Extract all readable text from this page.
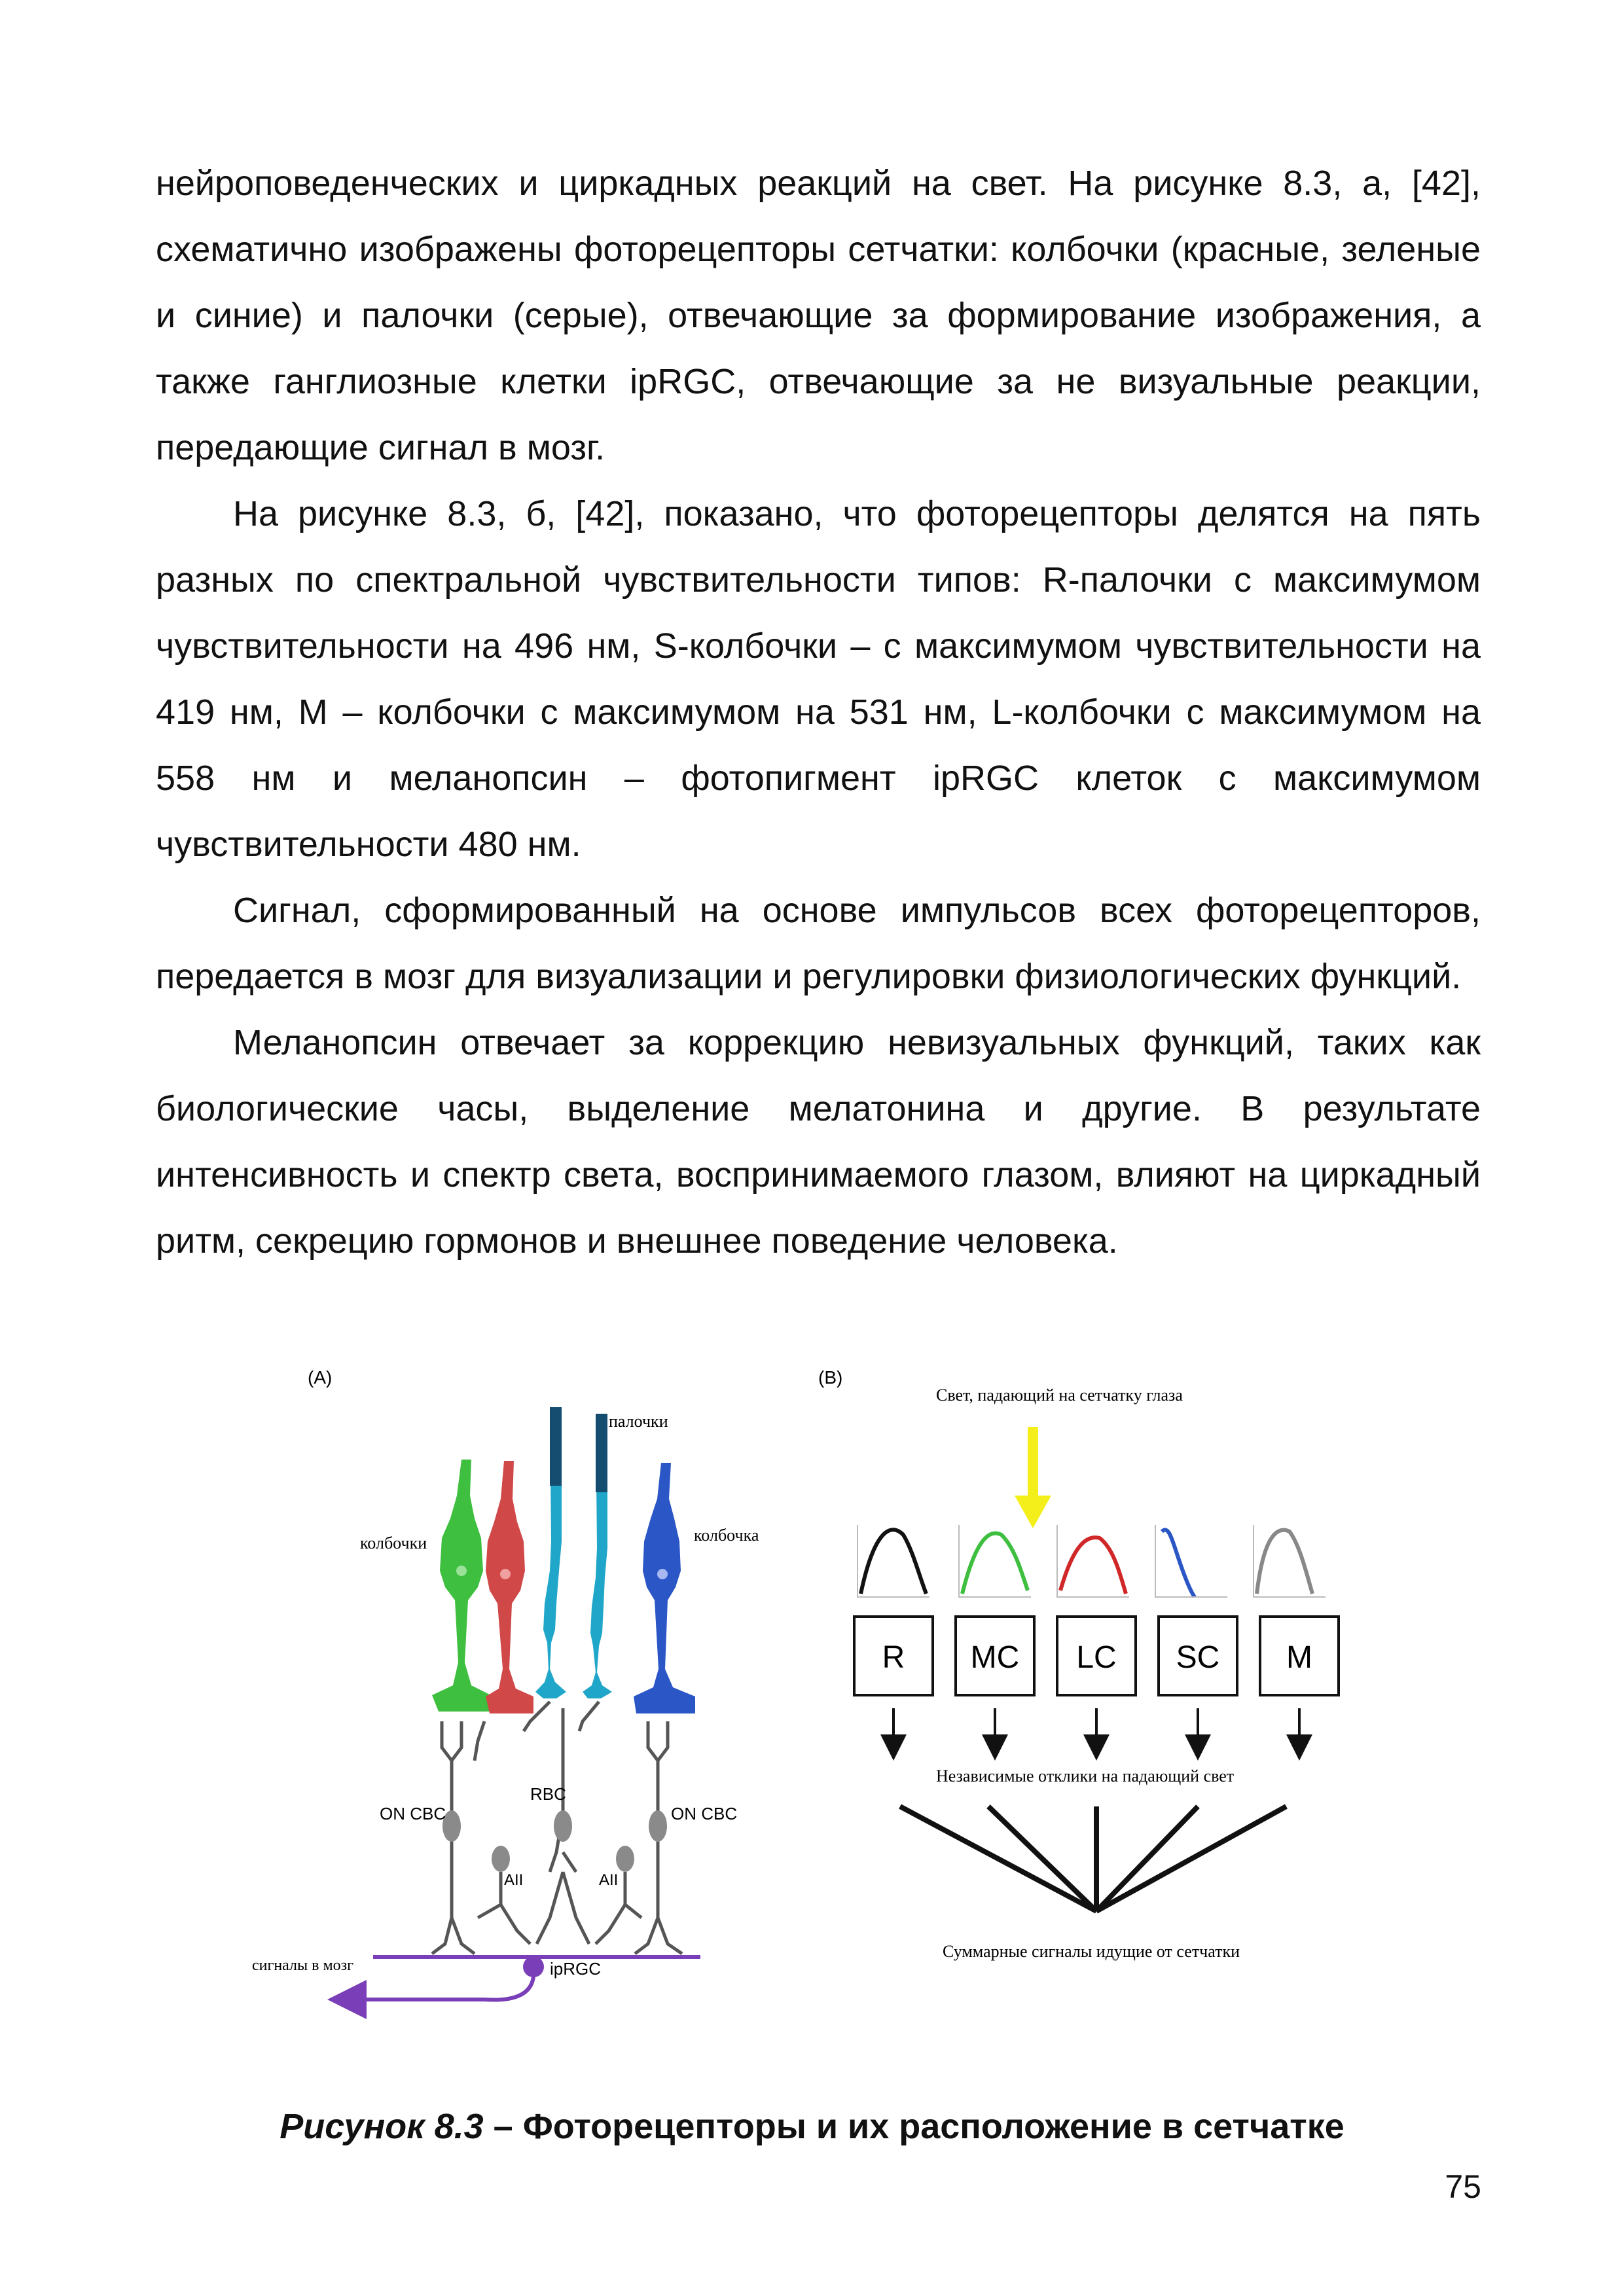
нейроповеденческих и циркадных реакций на свет. На рисунке 8.3, а, [42], схематично изображены фоторецепторы сетчатки: колбочки (красные, зеленые и синие) и палочки (серые), отвечающие за формирование изображения, а также ганглиозные клетки ipRGC, отвечающие за не визуальные реакции, передающие сигнал в мозг.

На рисунке 8.3, б, [42], показано, что фоторецепторы делятся на пять разных по спектральной чувствительности типов: R-палочки с максимумом чувствительности на 496 нм, S-колбочки – с максимумом чувствительности на 419 нм, M – колбочки с максимумом на 531 нм, L-колбочки с максимумом на 558 нм и меланопсин – фотопигмент ipRGC клеток с максимумом чувствительности 480 нм.

Сигнал, сформированный на основе импульсов всех фоторецепторов, передается в мозг для визуализации и регулировки физиологических функций.

Меланопсин отвечает за коррекцию невизуальных функций, таких как биологические часы, выделение мелатонина и другие. В результате интенсивность и спектр света, воспринимаемого глазом, влияют на циркадный ритм, секрецию гормонов и внешнее поведение человека.

(A)
палочки
колбочки	колбочка
ON CBC	ON CBC
RBC
AII	AII
ipRGC
сигналы в мозг
(B)
Свет, падающий на сетчатку глаза
R MC LC SC M
Независимые отклики на падающий свет
Суммарные сигналы идущие от сетчатки
Рисунок 8.3 – Фоторецепторы и их расположение в сетчатке
75
